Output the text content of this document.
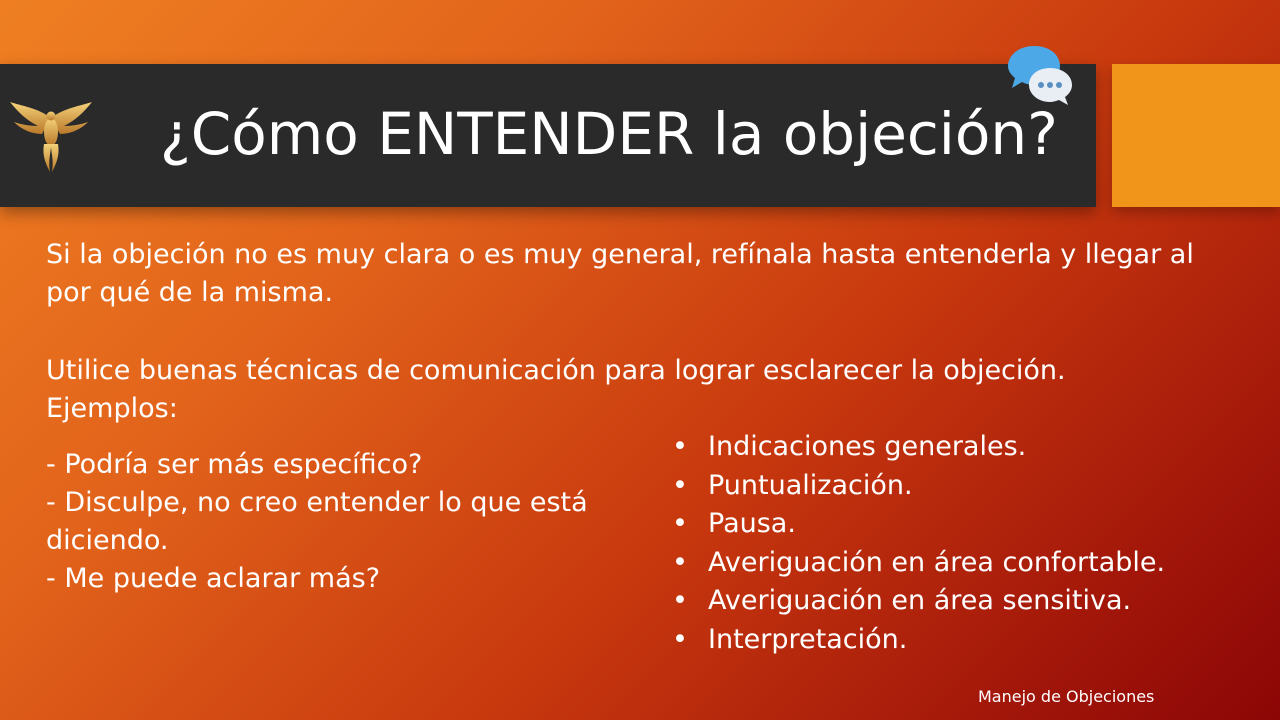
¿Cómo ENTENDER la objeción?
Si la objeción no es muy clara o es muy general, refínala hasta entenderla y llegar al por qué de la misma.
Utilice buenas técnicas de comunicación para lograr esclarecer la objeción.
Ejemplos:
- Podría ser más específico?
- Disculpe, no creo entender lo que está diciendo.
- Me puede aclarar más?
• Indicaciones generales.
• Puntualización.
• Pausa.
• Averiguación en área confortable.
• Averiguación en área sensitiva.
• Interpretación.
Manejo de Objeciones
